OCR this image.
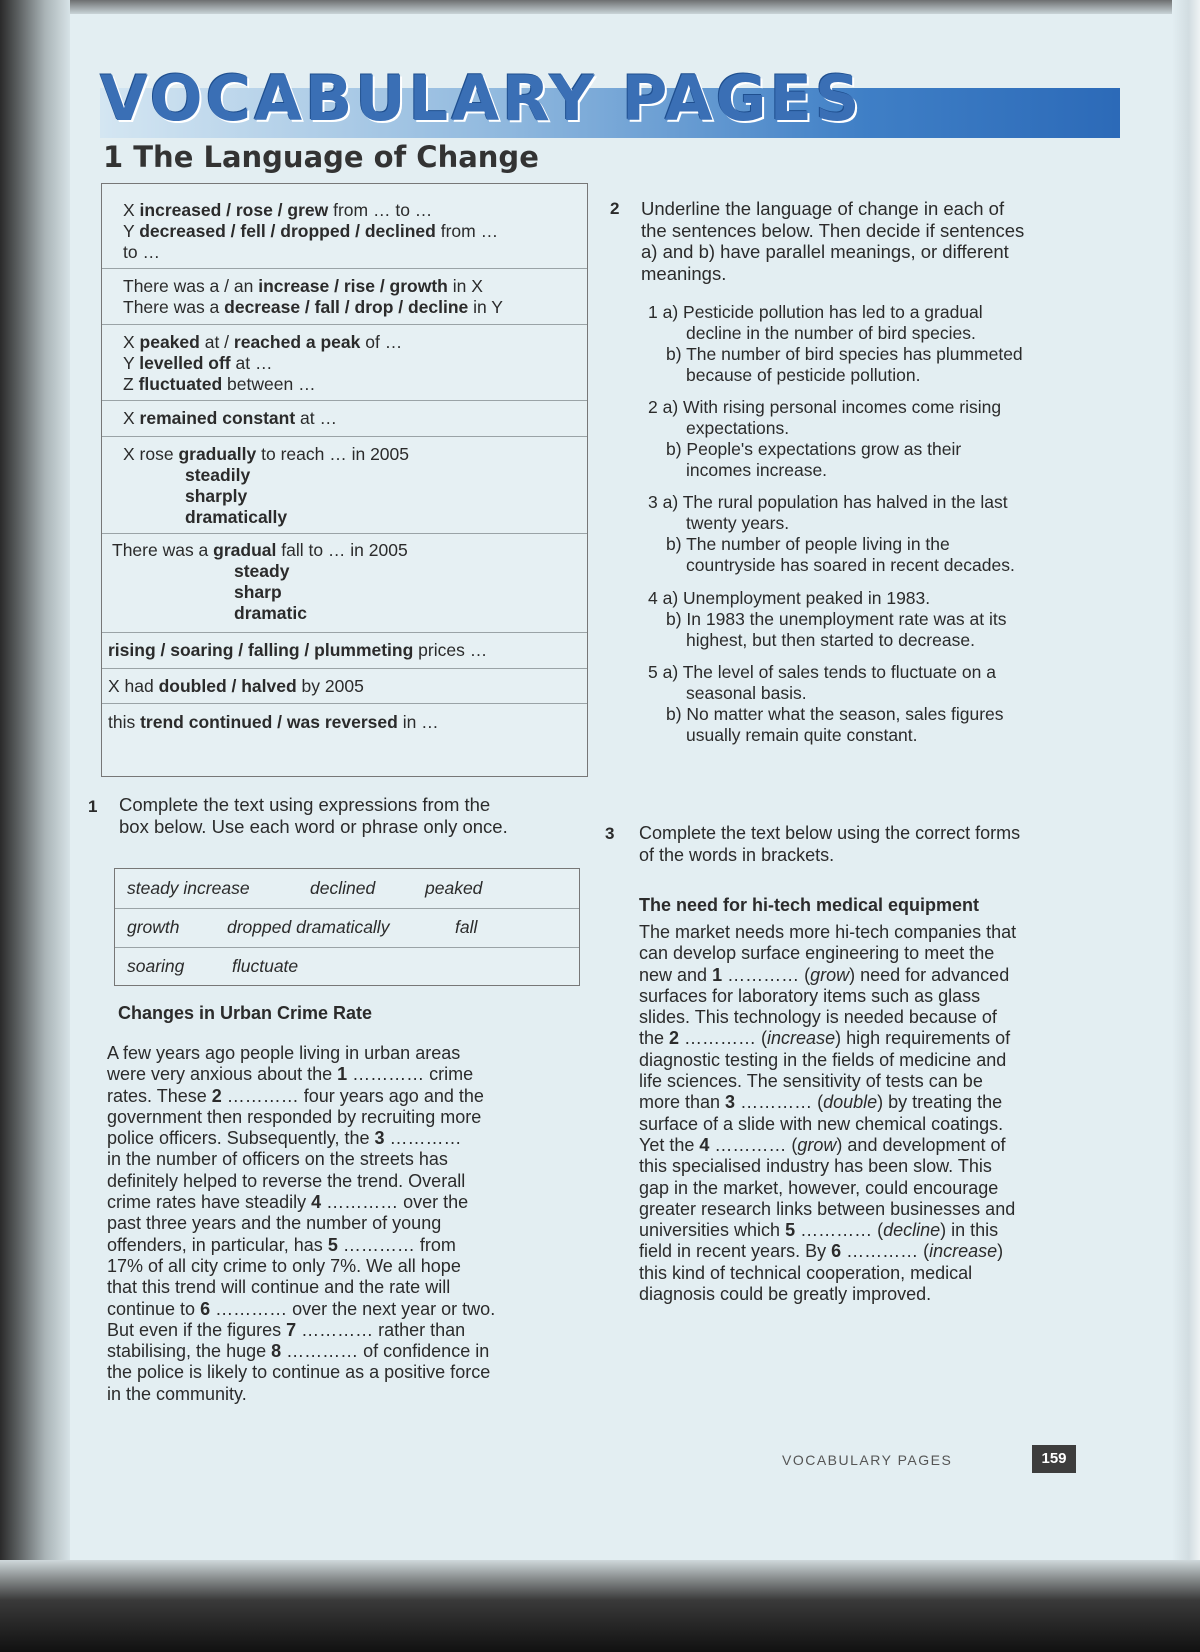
VOCABULARY PAGES
1 The Language of Change
X increased / rose / grew from … to …
Y decreased / fell / dropped / declined from …
to …
There was a / an increase / rise / growth in X
There was a decrease / fall / drop / decline in Y
X peaked at / reached a peak of …
Y levelled off at …
Z fluctuated between …
X remained constant at …
X rose gradually to reach … in 2005
steadily
sharply
dramatically
There was a gradual fall to … in 2005
steady
sharp
dramatic
rising / soaring / falling / plummeting prices …
X had doubled / halved by 2005
this trend continued / was reversed in …
1 Complete the text using expressions from the
box below. Use each word or phrase only once.
steady increase	declined	peaked
growth	dropped dramatically	fall
soaring	fluctuate
Changes in Urban Crime Rate
A few years ago people living in urban areas
were very anxious about the 1 ………… crime
rates. These 2 ………… four years ago and the
government then responded by recruiting more
police officers. Subsequently, the 3 …………
in the number of officers on the streets has
definitely helped to reverse the trend. Overall
crime rates have steadily 4 ………… over the
past three years and the number of young
offenders, in particular, has 5 ………… from
17% of all city crime to only 7%. We all hope
that this trend will continue and the rate will
continue to 6 ………… over the next year or two.
But even if the figures 7 ………… rather than
stabilising, the huge 8 ………… of confidence in
the police is likely to continue as a positive force
in the community.
2 Underline the language of change in each of
the sentences below. Then decide if sentences
a) and b) have parallel meanings, or different
meanings.
1 a) Pesticide pollution has led to a gradual
decline in the number of bird species.
b) The number of bird species has plummeted
because of pesticide pollution.
2 a) With rising personal incomes come rising
expectations.
b) People's expectations grow as their
incomes increase.
3 a) The rural population has halved in the last
twenty years.
b) The number of people living in the
countryside has soared in recent decades.
4 a) Unemployment peaked in 1983.
b) In 1983 the unemployment rate was at its
highest, but then started to decrease.
5 a) The level of sales tends to fluctuate on a
seasonal basis.
b) No matter what the season, sales figures
usually remain quite constant.
3 Complete the text below using the correct forms
of the words in brackets.
The need for hi-tech medical equipment
The market needs more hi-tech companies that
can develop surface engineering to meet the
new and 1 ………… (grow) need for advanced
surfaces for laboratory items such as glass
slides. This technology is needed because of
the 2 ………… (increase) high requirements of
diagnostic testing in the fields of medicine and
life sciences. The sensitivity of tests can be
more than 3 ………… (double) by treating the
surface of a slide with new chemical coatings.
Yet the 4 ………… (grow) and development of
this specialised industry has been slow. This
gap in the market, however, could encourage
greater research links between businesses and
universities which 5 ………… (decline) in this
field in recent years. By 6 ………… (increase)
this kind of technical cooperation, medical
diagnosis could be greatly improved.
VOCABULARY PAGES	159
